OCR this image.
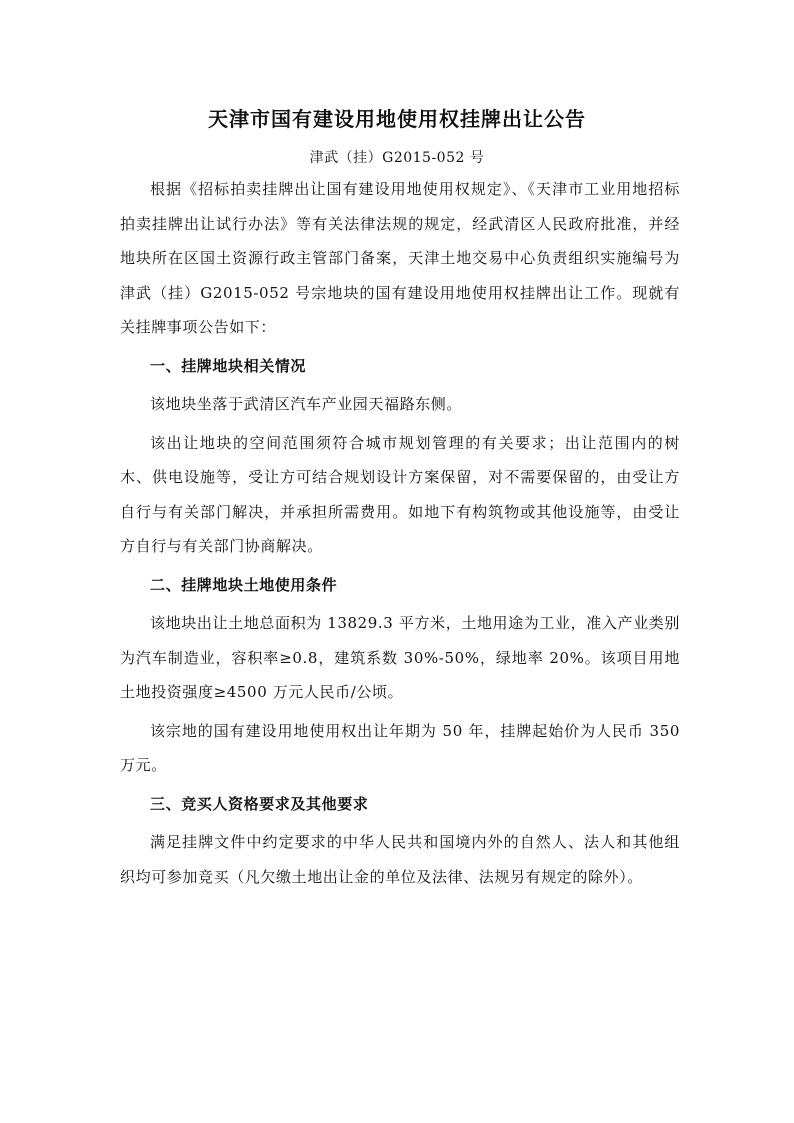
天津市国有建设用地使用权挂牌出让公告
津武（挂）G2015-052 号

根据《招标拍卖挂牌出让国有建设用地使用权规定》、《天津市工业用地招标拍卖挂牌出让试行办法》等有关法律法规的规定，经武清区人民政府批准，并经地块所在区国土资源行政主管部门备案，天津土地交易中心负责组织实施编号为津武（挂）G2015-052 号宗地块的国有建设用地使用权挂牌出让工作。现就有关挂牌事项公告如下：

一、挂牌地块相关情况

该地块坐落于武清区汽车产业园天福路东侧。

该出让地块的空间范围须符合城市规划管理的有关要求；出让范围内的树木、供电设施等，受让方可结合规划设计方案保留，对不需要保留的，由受让方自行与有关部门解决，并承担所需费用。如地下有构筑物或其他设施等，由受让方自行与有关部门协商解决。

二、挂牌地块土地使用条件

该地块出让土地总面积为 13829.3 平方米，土地用途为工业，准入产业类别为汽车制造业，容积率≥0.8，建筑系数 30%-50%，绿地率 20%。该项目用地土地投资强度≥4500 万元人民币/公顷。

该宗地的国有建设用地使用权出让年期为 50 年，挂牌起始价为人民币 350 万元。

三、竞买人资格要求及其他要求

满足挂牌文件中约定要求的中华人民共和国境内外的自然人、法人和其他组织均可参加竞买（凡欠缴土地出让金的单位及法律、法规另有规定的除外）。
